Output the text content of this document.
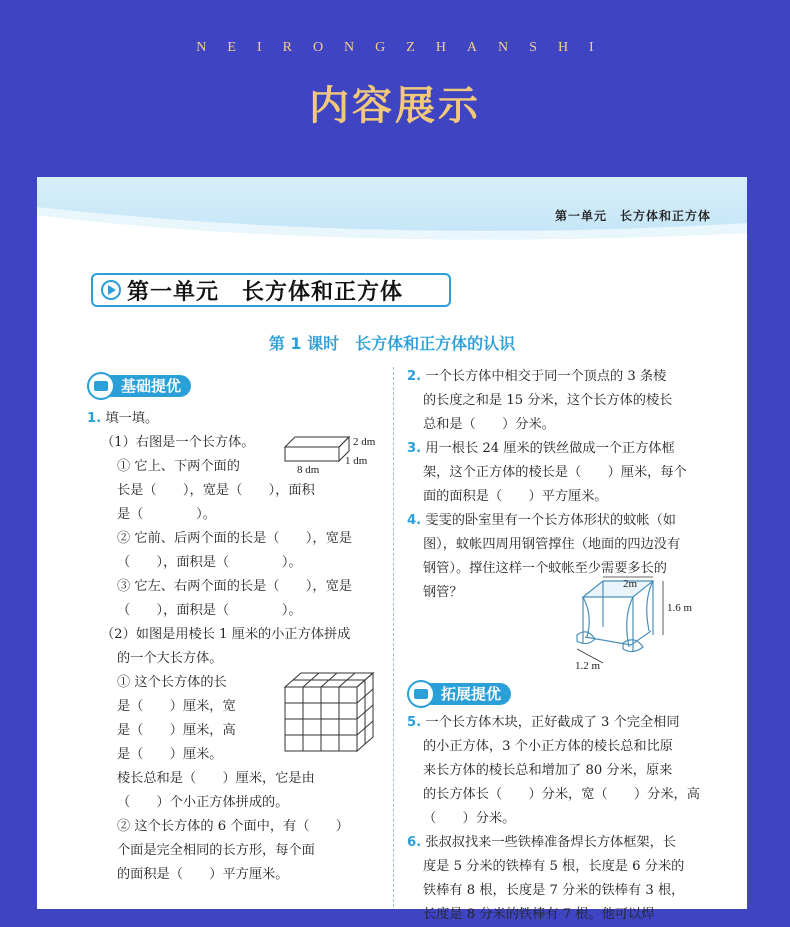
NEIRONGZHANSHI
内容展示
第一单元　长方体和正方体
第一单元　长方体和正方体
第 1 课时　长方体和正方体的认识
基础提优

1. 填一填。

（1）右图是一个长方体。

① 它上、下两个面的

长是（　　），宽是（　　），面积

是（　　　　）。

② 它前、后两个面的长是（　　），宽是

（　　），面积是（　　　　）。

③ 它左、右两个面的长是（　　），宽是

（　　），面积是（　　　　）。

（2）如图是用棱长 1 厘米的小正方体拼成

的一个大长方体。

① 这个长方体的长

是（　　）厘米，宽

是（　　）厘米，高

是（　　）厘米。

棱长总和是（　　）厘米，它是由

（　　）个小正方体拼成的。

② 这个长方体的 6 个面中，有（　　）

个面是完全相同的长方形，每个面

的面积是（　　）平方厘米。

2 dm
1 dm
8 dm

2. 一个长方体中相交于同一个顶点的 3 条棱

的长度之和是 15 分米，这个长方体的棱长

总和是（　　）分米。

3. 用一根长 24 厘米的铁丝做成一个正方体框

架，这个正方体的棱长是（　　）厘米，每个

面的面积是（　　）平方厘米。

4. 雯雯的卧室里有一个长方体形状的蚊帐（如

图），蚊帐四周用钢管撑住（地面的四边没有

钢管）。撑住这样一个蚊帐至少需要多长的

钢管？

2m
1.6 m
1.2 m
拓展提优

5. 一个长方体木块，正好截成了 3 个完全相同

的小正方体，3 个小正方体的棱长总和比原

来长方体的棱长总和增加了 80 分米，原来

的长方体长（　　）分米，宽（　　）分米，高

（　　）分米。

6. 张叔叔找来一些铁棒准备焊长方体框架，长

度是 5 分米的铁棒有 5 根，长度是 6 分米的

铁棒有 8 根，长度是 7 分米的铁棒有 3 根，

长度是 8 分米的铁棒有 7 根。他可以焊
